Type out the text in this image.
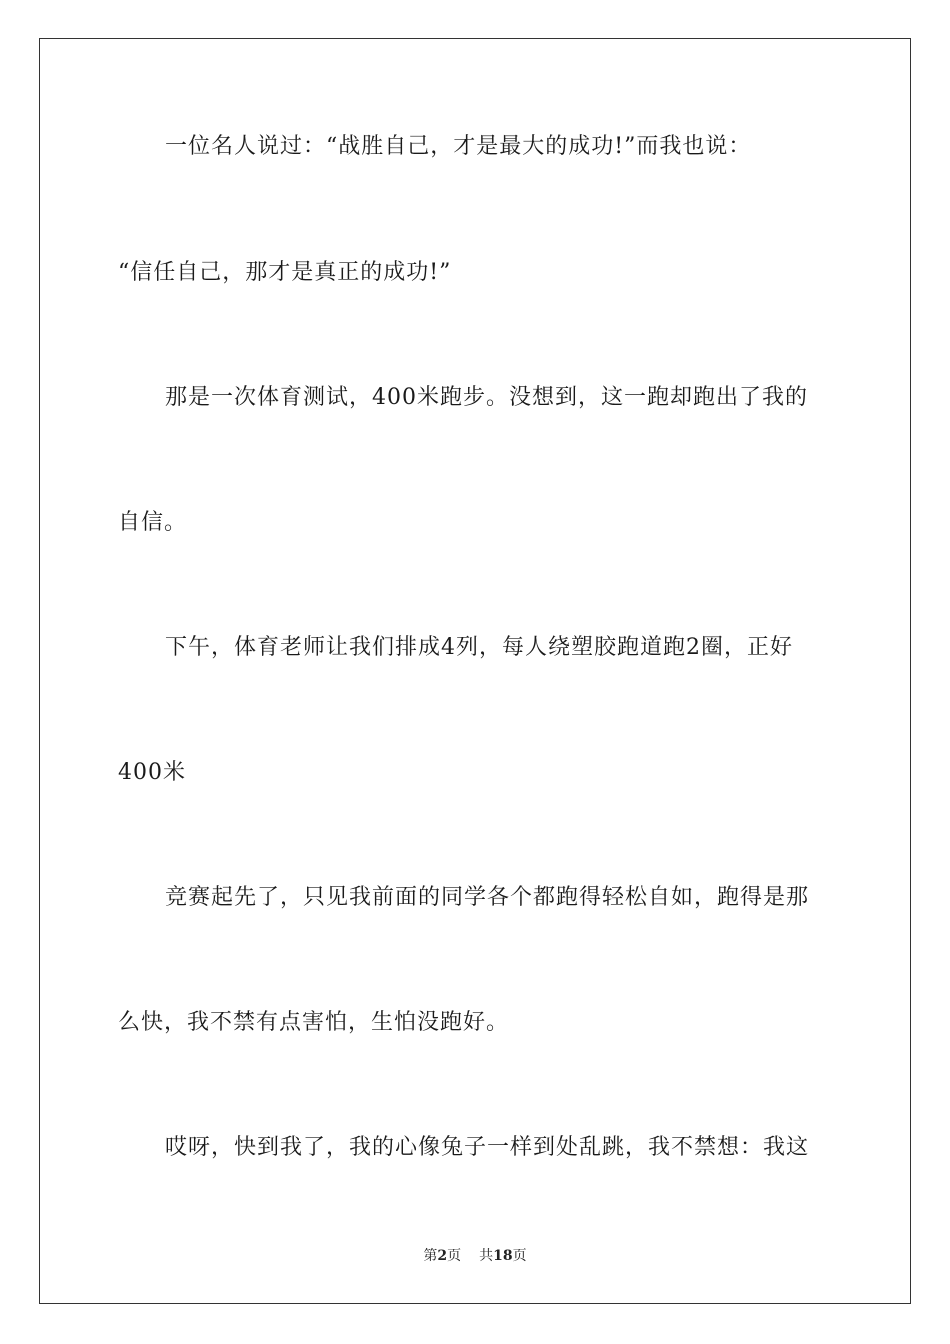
一位名人说过：“战胜自己，才是最大的成功!”而我也说：

“信任自己，那才是真正的成功!”

那是一次体育测试，400米跑步。没想到，这一跑却跑出了我的

自信。

下午，体育老师让我们排成4列，每人绕塑胶跑道跑2圈，正好

400米

竞赛起先了，只见我前面的同学各个都跑得轻松自如，跑得是那

么快，我不禁有点害怕，生怕没跑好。

哎呀，快到我了，我的心像兔子一样到处乱跳，我不禁想：我这

第2页 共18页
